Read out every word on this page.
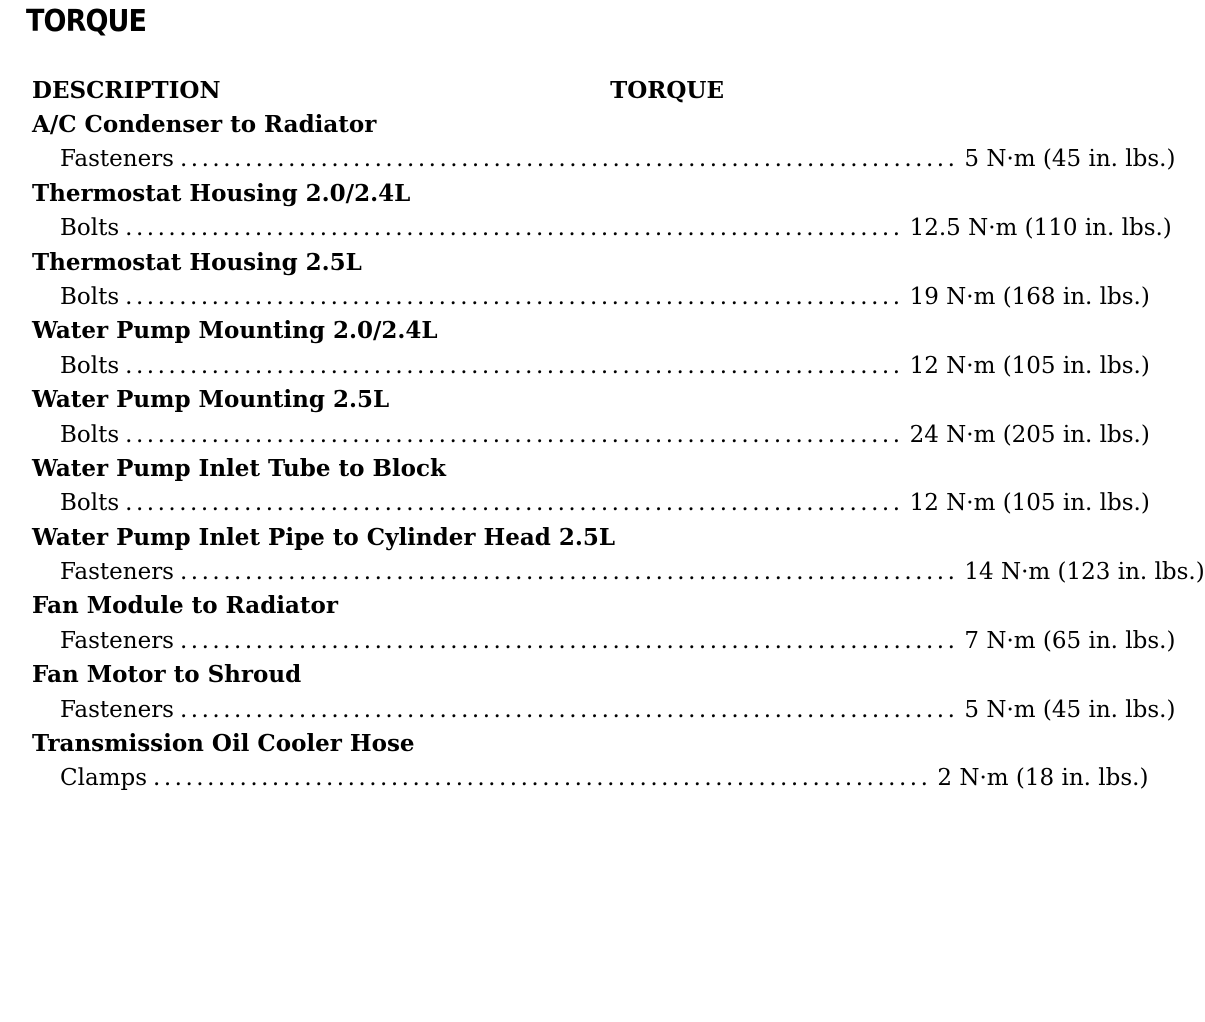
TORQUE
DESCRIPTION	TORQUE
A/C Condenser to Radiator
Fasteners ........................................................................ 5 N·m (45 in. lbs.)
Thermostat Housing 2.0/2.4L
Bolts ........................................................................ 12.5 N·m (110 in. lbs.)
Thermostat Housing 2.5L
Bolts ........................................................................ 19 N·m (168 in. lbs.)
Water Pump Mounting 2.0/2.4L
Bolts ........................................................................ 12 N·m (105 in. lbs.)
Water Pump Mounting 2.5L
Bolts ........................................................................ 24 N·m (205 in. lbs.)
Water Pump Inlet Tube to Block
Bolts ........................................................................ 12 N·m (105 in. lbs.)
Water Pump Inlet Pipe to Cylinder Head 2.5L
Fasteners ........................................................................ 14 N·m (123 in. lbs.)
Fan Module to Radiator
Fasteners ........................................................................ 7 N·m (65 in. lbs.)
Fan Motor to Shroud
Fasteners ........................................................................ 5 N·m (45 in. lbs.)
Transmission Oil Cooler Hose
Clamps ........................................................................ 2 N·m (18 in. lbs.)
